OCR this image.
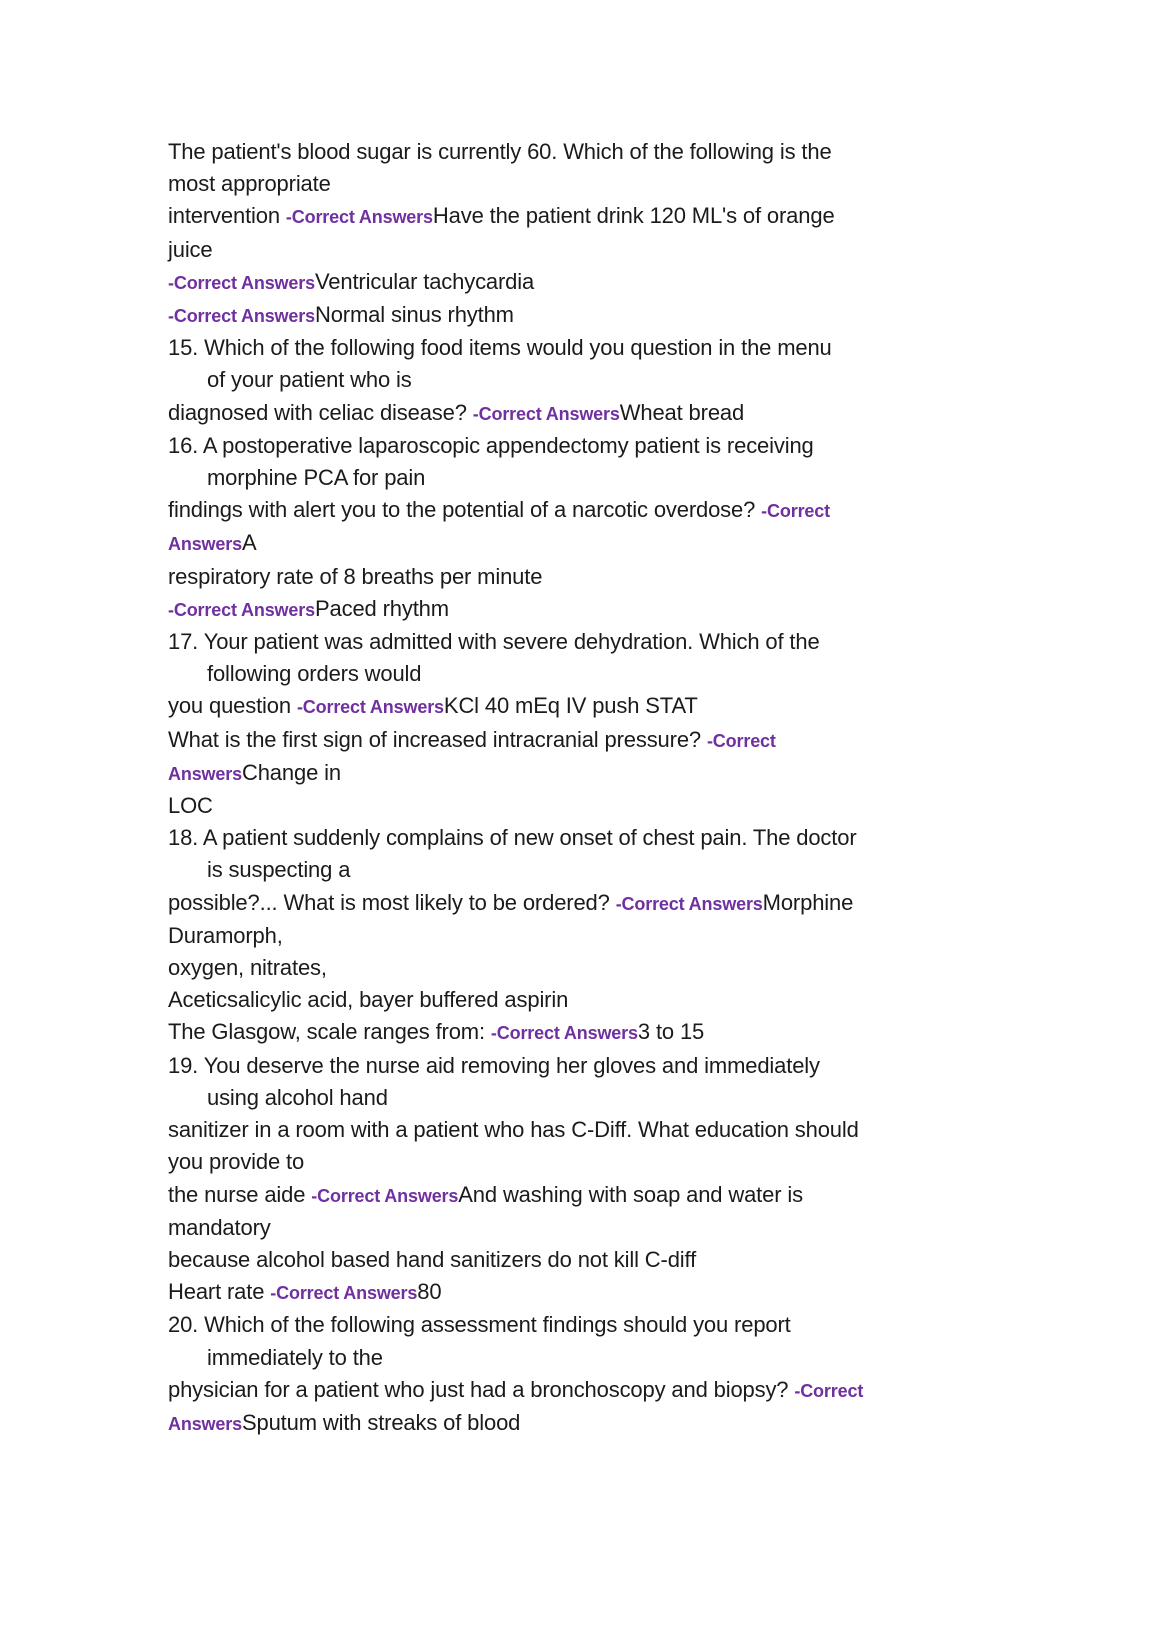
The patient's blood sugar is currently 60. Which of the following is the
most appropriate
intervention -Correct AnswersHave the patient drink 120 ML's of orange
juice
-Correct AnswersVentricular tachycardia
-Correct AnswersNormal sinus rhythm
15. Which of the following food items would you question in the menu
of your patient who is
diagnosed with celiac disease? -Correct AnswersWheat bread
16. A postoperative laparoscopic appendectomy patient is receiving
morphine PCA for pain
findings with alert you to the potential of a narcotic overdose? -Correct
AnswersA
respiratory rate of 8 breaths per minute
-Correct AnswersPaced rhythm
17. Your patient was admitted with severe dehydration. Which of the
following orders would
you question -Correct AnswersKCl 40 mEq IV push STAT
What is the first sign of increased intracranial pressure? -Correct
AnswersChange in
LOC
18. A patient suddenly complains of new onset of chest pain. The doctor
is suspecting a
possible?... What is most likely to be ordered? -Correct AnswersMorphine
Duramorph,
oxygen, nitrates,
Aceticsalicylic acid, bayer buffered aspirin
The Glasgow, scale ranges from: -Correct Answers3 to 15
19. You deserve the nurse aid removing her gloves and immediately
using alcohol hand
sanitizer in a room with a patient who has C-Diff. What education should
you provide to
the nurse aide -Correct AnswersAnd washing with soap and water is
mandatory
because alcohol based hand sanitizers do not kill C-diff
Heart rate -Correct Answers80
20. Which of the following assessment findings should you report
immediately to the
physician for a patient who just had a bronchoscopy and biopsy? -Correct
AnswersSputum with streaks of blood
